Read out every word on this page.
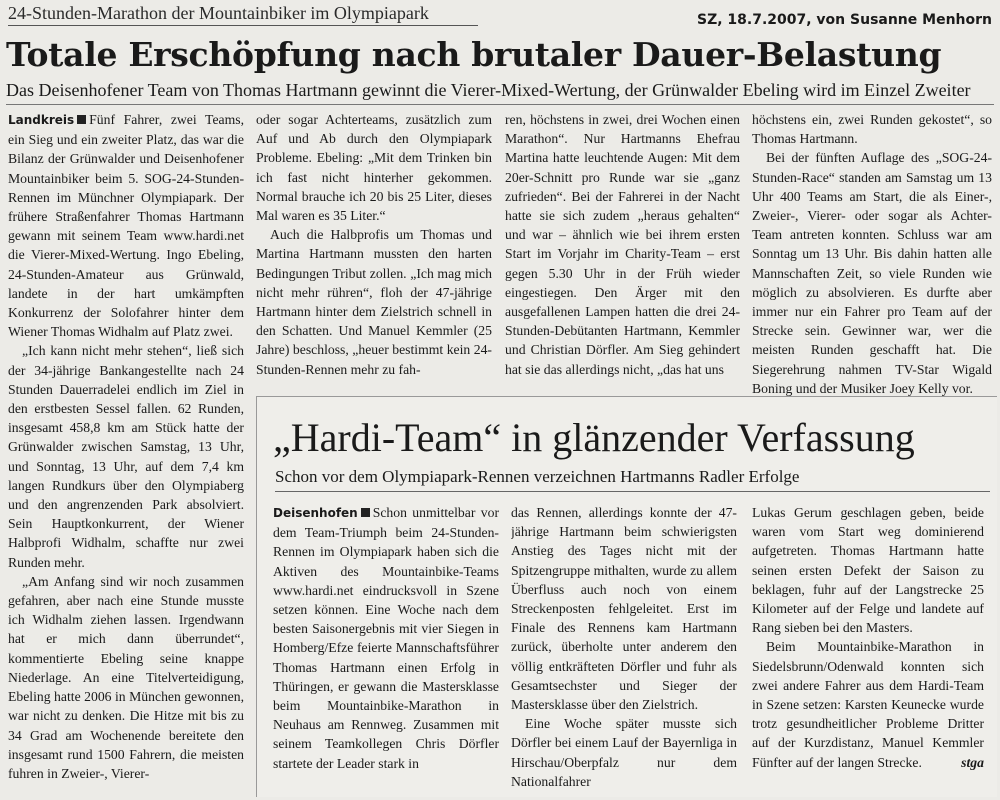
24-Stunden-Marathon der Mountainbiker im Olympiapark	SZ, 18.7.2007, von Susanne Menhorn
Totale Erschöpfung nach brutaler Dauer-Belastung
Das Deisenhofener Team von Thomas Hartmann gewinnt die Vierer-Mixed-Wertung, der Grünwalder Ebeling wird im Einzel Zweiter

Landkreis Fünf Fahrer, zwei Teams, ein Sieg und ein zweiter Platz, das war die Bilanz der Grünwalder und Deisenhofener Mountainbiker beim 5. SOG-24-Stunden-Rennen im Münchner Olympiapark. Der frühere Straßenfahrer Thomas Hartmann gewann mit seinem Team www.hardi.net die Vierer-Mixed-Wertung. Ingo Ebeling, 24-Stunden-Amateur aus Grünwald, landete in der hart umkämpften Konkurrenz der Solofahrer hinter dem Wiener Thomas Widhalm auf Platz zwei.

„Ich kann nicht mehr stehen“, ließ sich der 34-jährige Bankangestellte nach 24 Stunden Dauerradelei endlich im Ziel in den erstbesten Sessel fallen. 62 Runden, insgesamt 458,8 km am Stück hatte der Grünwalder zwischen Samstag, 13 Uhr, und Sonntag, 13 Uhr, auf dem 7,4 km langen Rundkurs über den Olympiaberg und den angrenzenden Park absolviert. Sein Hauptkonkurrent, der Wiener Halbprofi Widhalm, schaffte nur zwei Runden mehr.

„Am Anfang sind wir noch zusammen gefahren, aber nach eine Stunde musste ich Widhalm ziehen lassen. Irgendwann hat er mich dann überrundet“, kommentierte Ebeling seine knappe Niederlage. An eine Titelverteidigung, Ebeling hatte 2006 in München gewonnen, war nicht zu denken. Die Hitze mit bis zu 34 Grad am Wochenende bereitete den insgesamt rund 1500 Fahrern, die meisten fuhren in Zweier-, Vierer-

oder sogar Achterteams, zusätzlich zum Auf und Ab durch den Olympiapark Probleme. Ebeling: „Mit dem Trinken bin ich fast nicht hinterher gekommen. Normal brauche ich 20 bis 25 Liter, dieses Mal waren es 35 Liter.“

Auch die Halbprofis um Thomas und Martina Hartmann mussten den harten Bedingungen Tribut zollen. „Ich mag mich nicht mehr rühren“, floh der 47-jährige Hartmann hinter dem Zielstrich schnell in den Schatten. Und Manuel Kemmler (25 Jahre) beschloss, „heuer bestimmt kein 24-Stunden-Rennen mehr zu fah-

ren, höchstens in zwei, drei Wochen einen Marathon“. Nur Hartmanns Ehefrau Martina hatte leuchtende Augen: Mit dem 20er-Schnitt pro Runde war sie „ganz zufrieden“. Bei der Fahrerei in der Nacht hatte sie sich zudem „heraus gehalten“ und war – ähnlich wie bei ihrem ersten Start im Vorjahr im Charity-Team – erst gegen 5.30 Uhr in der Früh wieder eingestiegen. Den Ärger mit den ausgefallenen Lampen hatten die drei 24-Stunden-Debütanten Hartmann, Kemmler und Christian Dörfler. Am Sieg gehindert hat sie das allerdings nicht, „das hat uns

höchstens ein, zwei Runden gekostet“, so Thomas Hartmann.

Bei der fünften Auflage des „SOG-24-Stunden-Race“ standen am Samstag um 13 Uhr 400 Teams am Start, die als Einer-, Zweier-, Vierer- oder sogar als Achter-Team antreten konnten. Schluss war am Sonntag um 13 Uhr. Bis dahin hatten alle Mannschaften Zeit, so viele Runden wie möglich zu absolvieren. Es durfte aber immer nur ein Fahrer pro Team auf der Strecke sein. Gewinner war, wer die meisten Runden geschafft hat. Die Siegerehrung nahmen TV-Star Wigald Boning und der Musiker Joey Kelly vor.

„Hardi-Team“ in glänzender Verfassung
Schon vor dem Olympiapark-Rennen verzeichnen Hartmanns Radler Erfolge

Deisenhofen Schon unmittelbar vor dem Team-Triumph beim 24-Stunden-Rennen im Olympiapark haben sich die Aktiven des Mountainbike-Teams www.hardi.net eindrucksvoll in Szene setzen können. Eine Woche nach dem besten Saisonergebnis mit vier Siegen in Homberg/Efze feierte Mannschaftsführer Thomas Hartmann einen Erfolg in Thüringen, er gewann die Mastersklasse beim Mountainbike-Marathon in Neuhaus am Rennweg. Zusammen mit seinem Teamkollegen Chris Dörfler startete der Leader stark in

das Rennen, allerdings konnte der 47-jährige Hartmann beim schwierigsten Anstieg des Tages nicht mit der Spitzengruppe mithalten, wurde zu allem Überfluss auch noch von einem Streckenposten fehlgeleitet. Erst im Finale des Rennens kam Hartmann zurück, überholte unter anderem den völlig entkräfteten Dörfler und fuhr als Gesamtsechster und Sieger der Mastersklasse über den Zielstrich.

Eine Woche später musste sich Dörfler bei einem Lauf der Bayernliga in Hirschau/Oberpfalz nur dem Nationalfahrer

Lukas Gerum geschlagen geben, beide waren vom Start weg dominierend aufgetreten. Thomas Hartmann hatte seinen ersten Defekt der Saison zu beklagen, fuhr auf der Langstrecke 25 Kilometer auf der Felge und landete auf Rang sieben bei den Masters.

Beim Mountainbike-Marathon in Siedelsbrunn/Odenwald konnten sich zwei andere Fahrer aus dem Hardi-Team in Szene setzen: Karsten Keunecke wurde trotz gesundheitlicher Probleme Dritter auf der Kurzdistanz, Manuel Kemmler Fünfter auf der langen Strecke.	stga
